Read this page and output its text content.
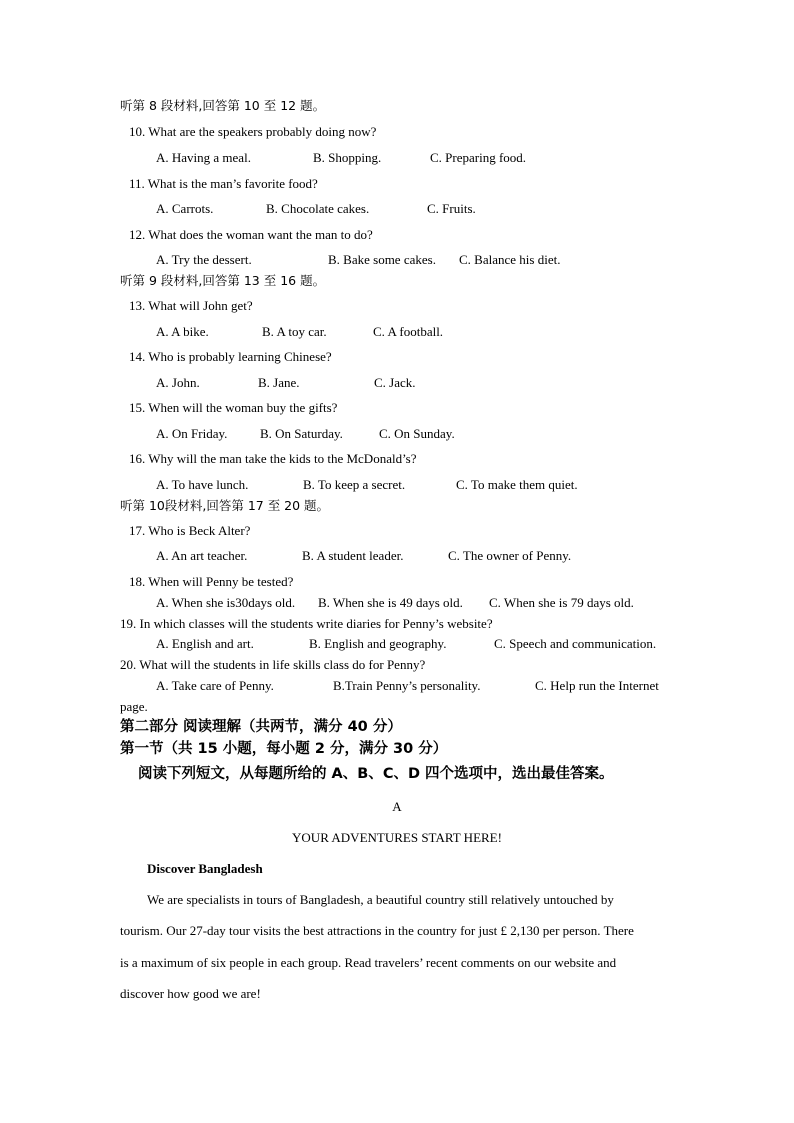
听第 8 段材料,回答第 10 至 12 题。
10. What are the speakers probably doing now?
A. Having a meal.	B. Shopping.	C. Preparing food.
11. What is the man’s favorite food?
A. Carrots.	B. Chocolate cakes.	C. Fruits.
12. What does the woman want the man to do?
A. Try the dessert.	B. Bake some cakes. C. Balance his diet.
听第 9 段材料,回答第 13 至 16 题。
13. What will John get?
A. A bike.	B. A toy car.	C. A football.
14. Who is probably learning Chinese?
A. John.	B. Jane.	C. Jack.
15. When will the woman buy the gifts?
A. On Friday.	B. On Saturday.	C. On Sunday.
16. Why will the man take the kids to the McDonald’s?
A. To have lunch.	B. To keep a secret.	C. To make them quiet.
听第 10段材料,回答第 17 至 20 题。
17. Who is Beck Alter?
A. An art teacher.	B. A student leader.	C. The owner of Penny.
18. When will Penny be tested?
A. When she is30days old. B. When she is 49 days old. C. When she is 79 days old.
19. In which classes will the students write diaries for Penny’s website?
A. English and art.	B. English and geography.	C. Speech and communication.
20. What will the students in life skills class do for Penny?
A. Take care of Penny.	B.Train Penny’s personality.	C. Help run the Internet
page.
第二部分 阅读理解（共两节，满分 40 分）
第一节（共 15 小题，每小题 2 分，满分 30 分）
阅读下列短文，从每题所给的 A、B、C、D 四个选项中，选出最佳答案。
A
YOUR ADVENTURES START HERE!
Discover Bangladesh
We are specialists in tours of Bangladesh, a beautiful country still relatively untouched by
tourism. Our 27-day tour visits the best attractions in the country for just £ 2,130 per person. There
is a maximum of six people in each group. Read travelers’ recent comments on our website and
discover how good we are!
